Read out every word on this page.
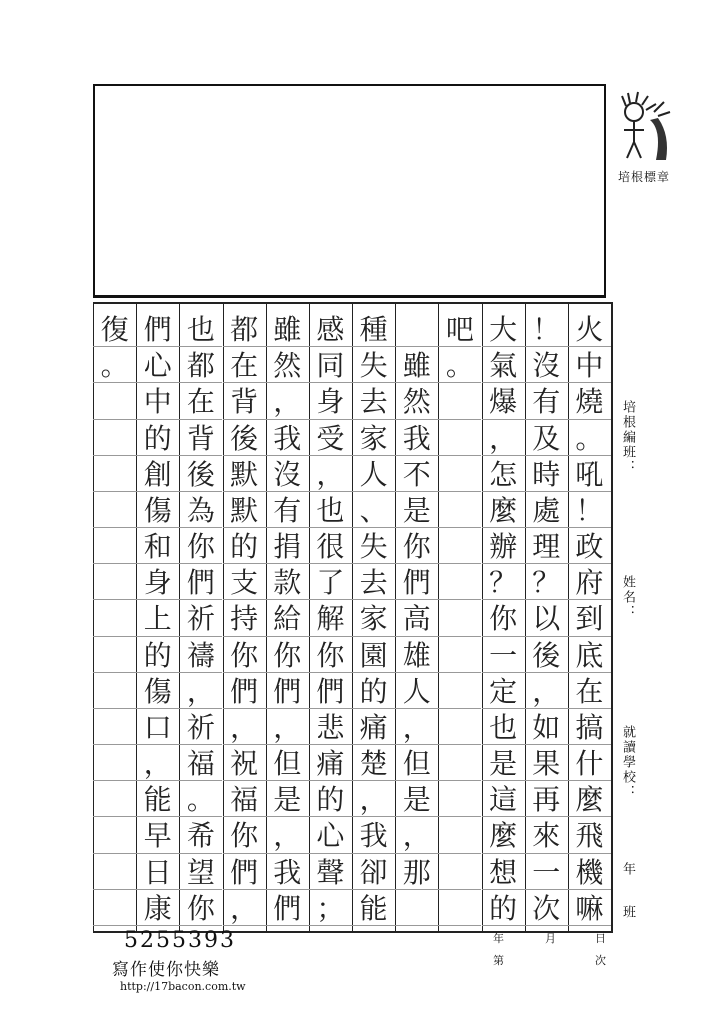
培根標章
火
中
燒
。
吼
！
政
府
到
底
在
搞
什
麼
飛
機
嘛
！
沒
有
及
時
處
理
？
以
後
，
如
果
再
來
一
次
大
氣
爆
，
怎
麼
辦
？
你
一
定
也
是
這
麼
想
的
吧
。
雖
然
我
不
是
你
們
高
雄
人
，
但
是
，
那
種
失
去
家
人
、
失
去
家
園
的
痛
楚
，
我
卻
能
感
同
身
受
，
也
很
了
解
你
們
悲
痛
的
心
聲
；
雖
然
，
我
沒
有
捐
款
給
你
們
，
但
是
，
我
們
都
在
背
後
默
默
的
支
持
你
們
，
祝
福
你
們
，
也
都
在
背
後
為
你
們
祈
禱
，
祈
福
。
希
望
你
們
心
中
的
創
傷
和
身
上
的
傷
口
，
能
早
日
康
復
。
培根編班：
姓名：
就讀學校：
年
班
年	月	日
第	次
5255393
寫作使你快樂
http://17bacon.com.tw
